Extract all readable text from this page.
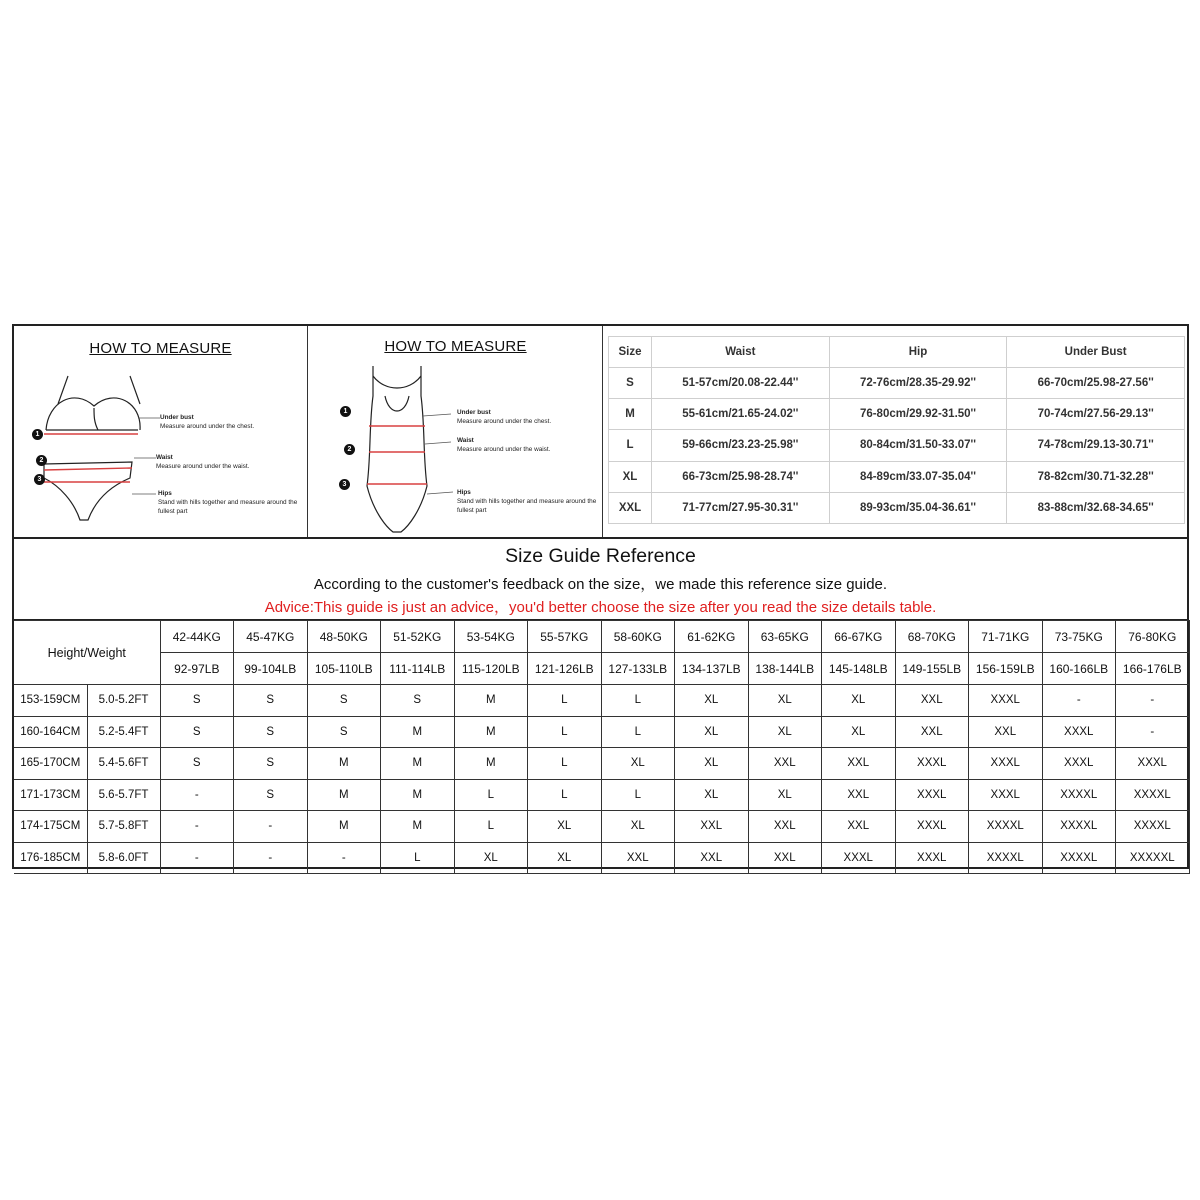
HOW TO MEASURE
1
2
3
Under bust
Measure around under the chest.
Waist
Measure around under the waist.
Hips
Stand with hills together and measure around the fullest part
HOW TO MEASURE
1
2
3
Under bust
Measure around under the chest.
Waist
Measure around under the waist.
Hips
Stand with hills together and measure around the fullest part
Size	Waist	Hip	Under Bust
S	51-57cm/20.08-22.44''	72-76cm/28.35-29.92''	66-70cm/25.98-27.56''
M	55-61cm/21.65-24.02''	76-80cm/29.92-31.50''	70-74cm/27.56-29.13''
L	59-66cm/23.23-25.98''	80-84cm/31.50-33.07''	74-78cm/29.13-30.71''
XL	66-73cm/25.98-28.74''	84-89cm/33.07-35.04''	78-82cm/30.71-32.28''
XXL	71-77cm/27.95-30.31''	89-93cm/35.04-36.61''	83-88cm/32.68-34.65''
Size Guide Reference
According to the customer's feedback on the size，we made this reference size guide.
Advice:This guide is just an advice，you'd better choose the size after you read the size details table.
Height/Weight		42-44KG	45-47KG	48-50KG	51-52KG	53-54KG	55-57KG	58-60KG	61-62KG	63-65KG	66-67KG	68-70KG	71-71KG	73-75KG	76-80KG
		92-97LB	99-104LB	105-110LB	111-114LB	115-120LB	121-126LB	127-133LB	134-137LB	138-144LB	145-148LB	149-155LB	156-159LB	160-166LB	166-176LB
153-159CM	5.0-5.2FT	S	S	S	S	M	L	L	XL	XL	XL	XXL	XXXL	-	-
160-164CM	5.2-5.4FT	S	S	S	M	M	L	L	XL	XL	XL	XXL	XXL	XXXL	-
165-170CM	5.4-5.6FT	S	S	M	M	M	L	XL	XL	XXL	XXL	XXXL	XXXL	XXXL	XXXL
171-173CM	5.6-5.7FT	-	S	M	M	L	L	L	XL	XL	XXL	XXXL	XXXL	XXXXL	XXXXL
174-175CM	5.7-5.8FT	-	-	M	M	L	XL	XL	XXL	XXL	XXL	XXXL	XXXXL	XXXXL	XXXXL
176-185CM	5.8-6.0FT	-	-	-	L	XL	XL	XXL	XXL	XXL	XXXL	XXXL	XXXXL	XXXXL	XXXXXL
